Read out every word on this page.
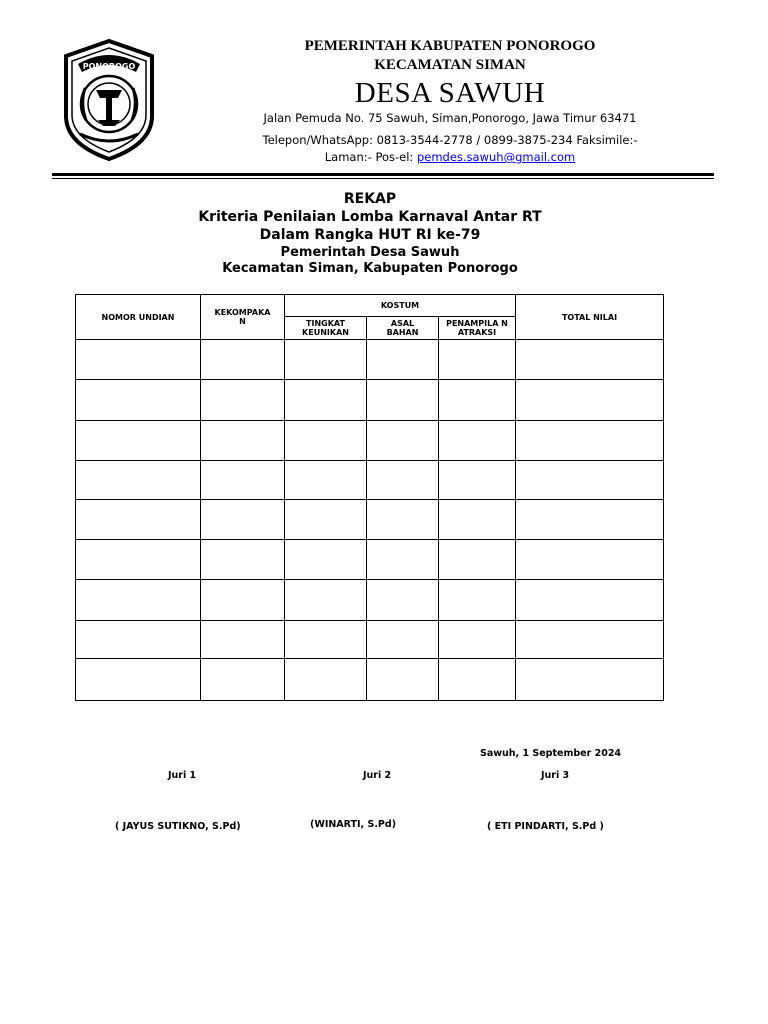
PONOROGO
PEMERINTAH KABUPATEN PONOROGO
KECAMATAN SIMAN
DESA SAWUH
Jalan Pemuda No. 75 Sawuh, Siman,Ponorogo, Jawa Timur 63471
Telepon/WhatsApp: 0813-3544-2778 / 0899-3875-234 Faksimile:-
Laman:- Pos-el: pemdes.sawuh@gmail.com
REKAP
Kriteria Penilaian Lomba Karnaval Antar RT
Dalam Rangka HUT RI ke-79
Pemerintah Desa Sawuh
Kecamatan Siman, Kabupaten Ponorogo
NOMOR UNDIAN	KEKOMPAKA N	KOSTUM			TOTAL NILAI
		TINGKAT KEUNIKAN	ASAL BAHAN	PENAMPILA N ATRAKSI	

Sawuh, 1 September 2024
Juri 1	Juri 2	Juri 3
( JAYUS SUTIKNO, S.Pd)	(WINARTI, S.Pd)	( ETI PINDARTI, S.Pd )
